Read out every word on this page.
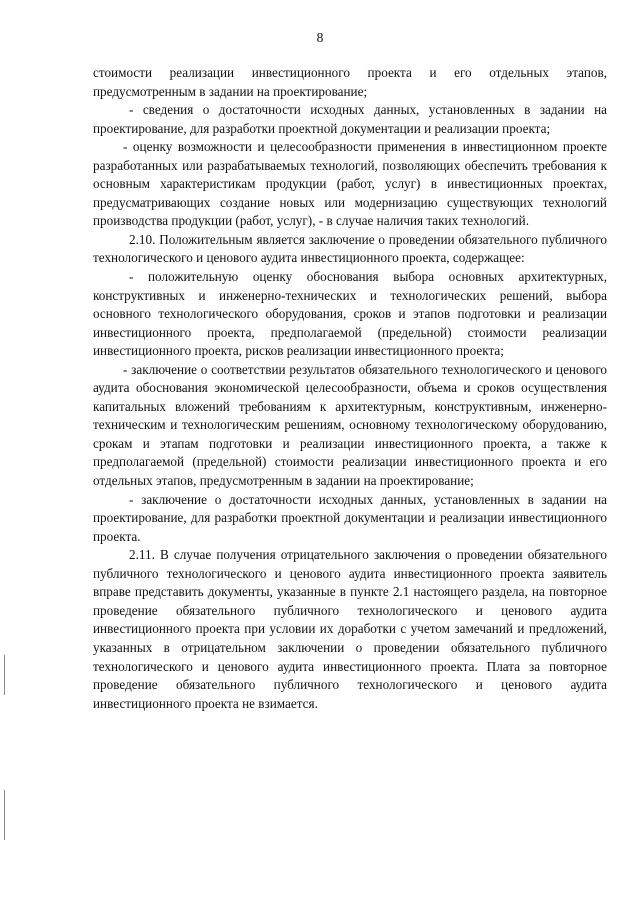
8

стоимости реализации инвестиционного проекта и его отдельных этапов, предусмотренным в задании на проектирование;

- сведения о достаточности исходных данных, установленных в задании на проектирование, для разработки проектной документации и реализации проекта;

- оценку возможности и целесообразности применения в инвестиционном проекте разработанных или разрабатываемых технологий, позволяющих обеспечить требования к основным характеристикам продукции (работ, услуг) в инвестиционных проектах, предусматривающих создание новых или модернизацию существующих технологий производства продукции (работ, услуг), - в случае наличия таких технологий.

2.10. Положительным является заключение о проведении обязательного публичного технологического и ценового аудита инвестиционного проекта, содержащее:

- положительную оценку обоснования выбора основных архитектурных, конструктивных и инженерно-технических и технологических решений, выбора основного технологического оборудования, сроков и этапов подготовки и реализации инвестиционного проекта, предполагаемой (предельной) стоимости реализации инвестиционного проекта, рисков реализации инвестиционного проекта;

- заключение о соответствии результатов обязательного технологического и ценового аудита обоснования экономической целесообразности, объема и сроков осуществления капитальных вложений требованиям к архитектурным, конструктивным, инженерно-техническим и технологическим решениям, основному технологическому оборудованию, срокам и этапам подготовки и реализации инвестиционного проекта, а также к предполагаемой (предельной) стоимости реализации инвестиционного проекта и его отдельных этапов, предусмотренным в задании на проектирование;

- заключение о достаточности исходных данных, установленных в задании на проектирование, для разработки проектной документации и реализации инвестиционного проекта.

2.11. В случае получения отрицательного заключения о проведении обязательного публичного технологического и ценового аудита инвестиционного проекта заявитель вправе представить документы, указанные в пункте 2.1 настоящего раздела, на повторное проведение обязательного публичного технологического и ценового аудита инвестиционного проекта при условии их доработки с учетом замечаний и предложений, указанных в отрицательном заключении о проведении обязательного публичного технологического и ценового аудита инвестиционного проекта. Плата за повторное проведение обязательного публичного технологического и ценового аудита инвестиционного проекта не взимается.
